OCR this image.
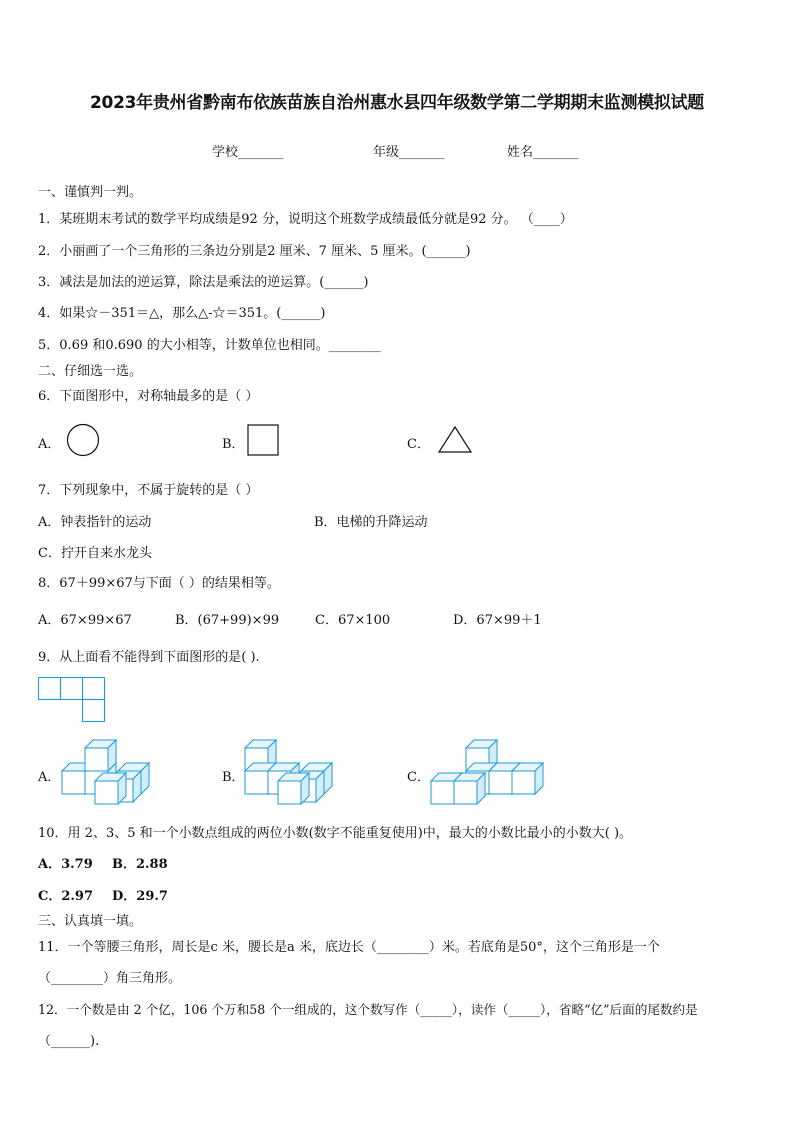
2023年贵州省黔南布依族苗族自治州惠水县四年级数学第二学期期末监测模拟试题
学校_______	年级_______	姓名_______
一、谨慎判一判。
1．某班期末考试的数学平均成绩是92 分，说明这个班数学成绩最低分就是92 分。 （____）
2．小丽画了一个三角形的三条边分别是2 厘米、7 厘米、5 厘米。(______)
3．减法是加法的逆运算，除法是乘法的逆运算。(______)
4．如果☆－351＝△，那么△-☆＝351。(______)
5．0.69 和0.690 的大小相等，计数单位也相同。________
二、仔细选一选。
6．下面图形中，对称轴最多的是（ ）
A．	B．	C．
7．下列现象中，不属于旋转的是（ ）
A．钟表指针的运动	B．电梯的升降运动
C．拧开自来水龙头
8．67＋99×67与下面（ ）的结果相等。
A．67×99×67	B．(67+99)×99	C．67×100	D．67×99＋1
9．从上面看不能得到下面图形的是( ).
A．	B．	C．
10．用 2、3、5 和一个小数点组成的两位小数(数字不能重复使用)中，最大的小数比最小的小数大( )。
A．3.79 B．2.88
C．2.97 D．29.7
三、认真填一填。
11．一个等腰三角形，周长是c 米，腰长是a 米，底边长（________）米。若底角是50°，这个三角形是一个
（________）角三角形。
12．一个数是由 2 个亿，106 个万和58 个一组成的，这个数写作（_____），读作（_____），省略“亿”后面的尾数约是
（______).
